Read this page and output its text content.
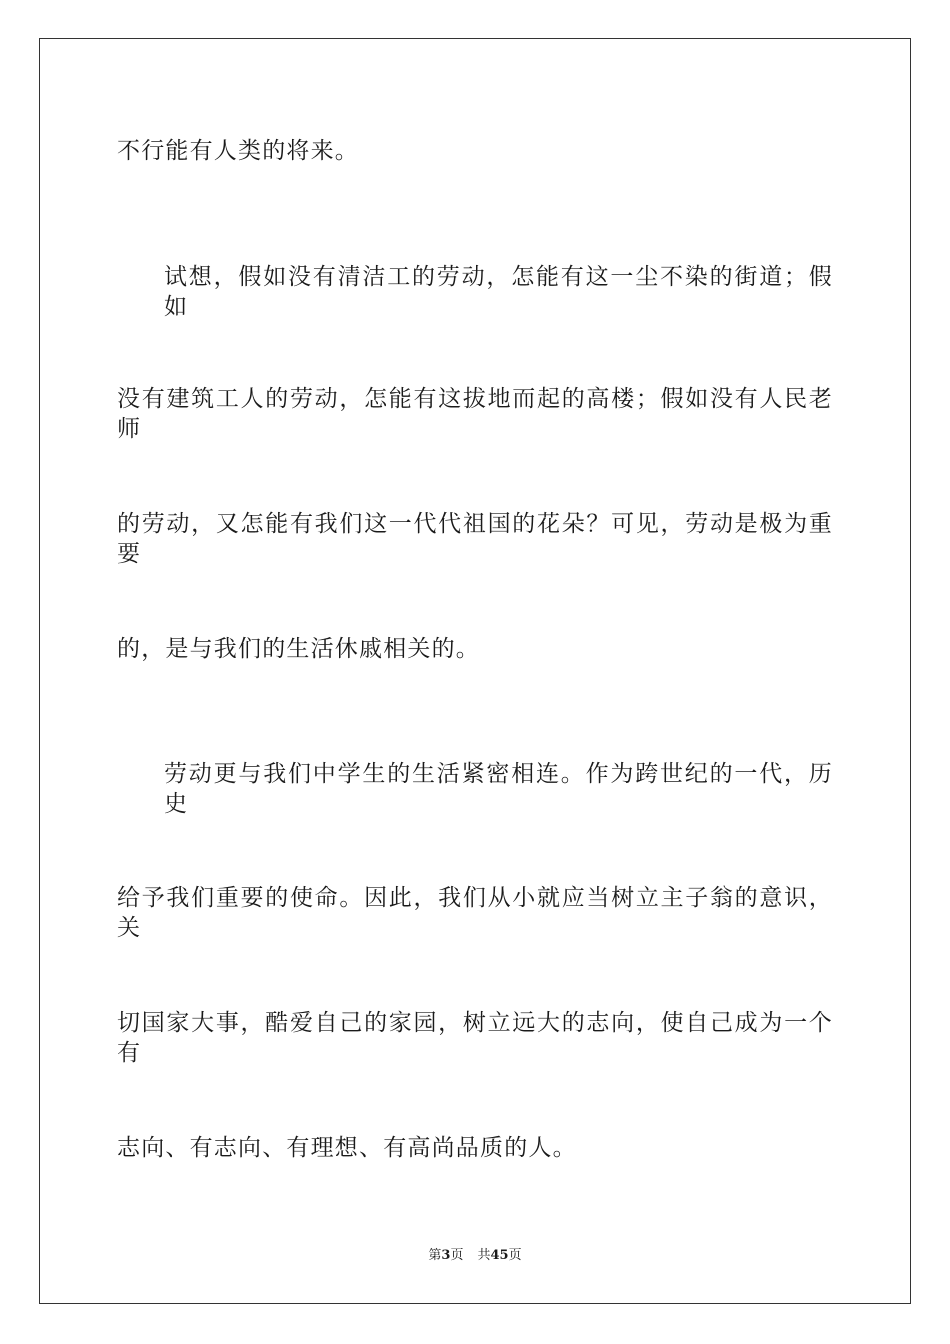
不行能有人类的将来。
试想，假如没有清洁工的劳动，怎能有这一尘不染的街道；假如
没有建筑工人的劳动，怎能有这拔地而起的高楼；假如没有人民老师
的劳动，又怎能有我们这一代代祖国的花朵？可见，劳动是极为重要
的，是与我们的生活休戚相关的。
劳动更与我们中学生的生活紧密相连。作为跨世纪的一代，历史
给予我们重要的使命。因此，我们从小就应当树立主子翁的意识，关
切国家大事，酷爱自己的家园，树立远大的志向，使自己成为一个有
志向、有志向、有理想、有高尚品质的人。
第3页 共45页
